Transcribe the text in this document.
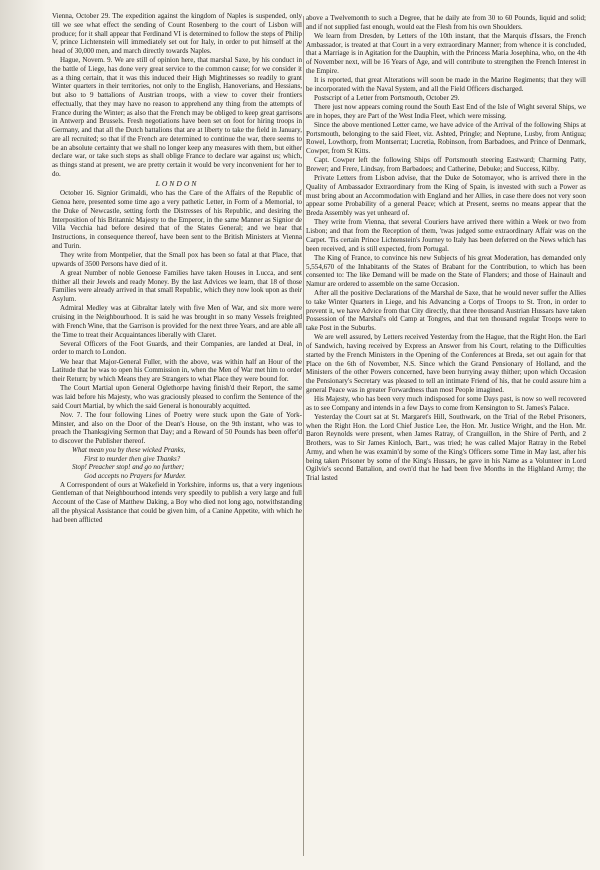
Vienna, October 29. The expedition against the kingdom of Naples is suspended, only till we see what effect the sending of Count Rosenberg to the court of Lisbon will produce; for it shall appear that Ferdinand VI is determined to follow the steps of Philip V, prince Lichtenstein will immediately set out for Italy, in order to put himself at the head of 30,000 men, and march directly towards Naples.

Hague, Novem. 9. We are still of opinion here, that marshal Saxe, by his conduct in the battle of Liege, has done very great service to the common cause; for we consider it as a thing certain, that it was this induced their High Mightinesses so readily to grant Winter quarters in their territories, not only to the English, Hanoverians, and Hessians, but also to 9 battalions of Austrian troops, with a view to cover their frontiers effectually, that they may have no reason to apprehend any thing from the attempts of France during the Winter; as also that the French may be obliged to keep great garrisons in Antwerp and Brussels. Fresh negotiations have been set on foot for hiring troops in Germany, and that all the Dutch battalions that are at liberty to take the field in January, are all recruited; so that if the French are determined to continue the war, there seems to be an absolute certainty that we shall no longer keep any measures with them, but either declare war, or take such steps as shall oblige France to declare war against us; which, as things stand at present, we are pretty certain it would be very inconvenient for her to do.

LONDON

October 16. Signior Grimaldi, who has the Care of the Affairs of the Republic of Genoa here, presented some time ago a very pathetic Letter, in Form of a Memorial, to the Duke of Newcastle, setting forth the Distresses of his Republic, and desiring the Interposition of his Britannic Majesty to the Emperor, in the same Manner as Signior de Villa Vecchia had before desired that of the States General; and we hear that Instructions, in consequence thereof, have been sent to the British Ministers at Vienna and Turin.

They write from Montpelier, that the Small pox has been so fatal at that Place, that upwards of 3500 Persons have died of it.

A great Number of noble Genoese Families have taken Houses in Lucca, and sent thither all their Jewels and ready Money. By the last Advices we learn, that 18 of those Families were already arrived in that small Republic, which they now look upon as their Asylum.

Admiral Medley was at Gibraltar lately with five Men of War, and six more were cruising in the Neighbourhood. It is said he was brought in so many Vessels freighted with French Wine, that the Garrison is provided for the next three Years, and are able all the Time to treat their Acquaintances liberally with Claret.

Several Officers of the Foot Guards, and their Companies, are landed at Deal, in order to march to London.

We hear that Major-General Fuller, with the above, was within half an Hour of the Latitude that he was to open his Commission in, when the Men of War met him to order their Return; by which Means they are Strangers to what Place they were bound for.

The Court Martial upon General Oglethorpe having finish'd their Report, the same was laid before his Majesty, who was graciously pleased to confirm the Sentence of the said Court Martial, by which the said General is honourably acquitted.

Nov. 7. The four following Lines of Poetry were stuck upon the Gate of York-Minster, and also on the Door of the Dean's House, on the 9th instant, who was to preach the Thanksgiving Sermon that Day; and a Reward of 50 Pounds has been offer'd to discover the Publisher thereof.

What mean you by these wicked Pranks,
First to murder then give Thanks?
Stop! Preacher stop! and go no further;
God accepts no Prayers for Murder.

A Correspondent of ours at Wakefield in Yorkshire, informs us, that a very ingenious Gentleman of that Neighbourhood intends very speedily to publish a very large and full Account of the Case of Matthew Daking, a Boy who died not long ago, notwithstanding all the physical Assistance that could be given him, of a Canine Appetite, with which he had been afflicted

above a Twelvemonth to such a Degree, that he daily ate from 30 to 60 Pounds, liquid and solid; and if not supplied fast enough, would eat the Flesh from his own Shoulders.

We learn from Dresden, by Letters of the 10th instant, that the Marquis d'Issars, the French Ambassador, is treated at that Court in a very extraordinary Manner; from whence it is concluded, that a Marriage is in Agitation for the Dauphin, with the Princess Maria Josephina, who, on the 4th of November next, will be 16 Years of Age, and will contribute to strengthen the French Interest in the Empire.

It is reported, that great Alterations will soon be made in the Marine Regiments; that they will be incorporated with the Naval System, and all the Field Officers discharged.

Postscript of a Letter from Portsmouth, October 29.

There just now appears coming round the South East End of the Isle of Wight several Ships, we are in hopes, they are Part of the West India Fleet, which were missing.

Since the above mentioned Letter came, we have advice of the Arrival of the following Ships at Portsmouth, belonging to the said Fleet, viz. Ashted, Pringle; and Neptune, Lusby, from Antigua; Rowel, Lowthorp, from Montserrat; Lucretia, Robinson, from Barbadoes, and Prince of Denmark, Cowper, from St Kitts.

Capt. Cowper left the following Ships off Portsmouth steering Eastward; Charming Patty, Brewer; and Frere, Lindsay, from Barbadoes; and Catherine, Debuke; and Success, Kilby.

Private Letters from Lisbon advise, that the Duke de Sotomayor, who is arrived there in the Quality of Ambassador Extraordinary from the King of Spain, is invested with such a Power as must bring about an Accommodation with England and her Allies, in case there does not very soon appear some Probability of a general Peace; which at Present, seems no means appear that the Breda Assembly was yet unheard of.

They write from Vienna, that several Couriers have arrived there within a Week or two from Lisbon; and that from the Reception of them, 'twas judged some extraordinary Affair was on the Carpet. 'Tis certain Prince Lichtenstein's Journey to Italy has been deferred on the News which has been received, and is still expected, from Portugal.

The King of France, to convince his new Subjects of his great Moderation, has demanded only 5,554,670 of the Inhabitants of the States of Brabant for the Contribution, to which has been consented to: The like Demand will be made on the State of Flanders; and those of Hainault and Namur are ordered to assemble on the same Occasion.

After all the positive Declarations of the Marshal de Saxe, that he would never suffer the Allies to take Winter Quarters in Liege, and his Advancing a Corps of Troops to St. Tron, in order to prevent it, we have Advice from that City directly, that three thousand Austrian Hussars have taken Possession of the Marshal's old Camp at Tongres, and that ten thousand regular Troops were to take Post in the Suburbs.

We are well assured, by Letters received Yesterday from the Hague, that the Right Hon. the Earl of Sandwich, having received by Express an Answer from his Court, relating to the Difficulties started by the French Ministers in the Opening of the Conferences at Breda, set out again for that Place on the 6th of November, N.S. Since which the Grand Pensionary of Holland, and the Ministers of the other Powers concerned, have been hurrying away thither; upon which Occasion the Pensionary's Secretary was pleased to tell an intimate Friend of his, that he could assure him a general Peace was in greater Forwardness than most People imagined.

His Majesty, who has been very much indisposed for some Days past, is now so well recovered as to see Company and intends in a few Days to come from Kensington to St. James's Palace.

Yesterday the Court sat at St. Margaret's Hill, Southwark, on the Trial of the Rebel Prisoners, when the Right Hon. the Lord Chief Justice Lee, the Hon. Mr. Justice Wright, and the Hon. Mr. Baron Reynolds were present, when James Ratray, of Cranguillon, in the Shire of Perth, and 2 Brothers, was to Sir James Kinloch, Bart., was tried; he was called Major Ratray in the Rebel Army, and when he was examin'd by some of the King's Officers some Time in May last, after his being taken Prisoner by some of the King's Hussars, he gave in his Name as a Volunteer in Lord Ogilvie's second Battalion, and own'd that he had been five Months in the Highland Army; the Trial lasted
